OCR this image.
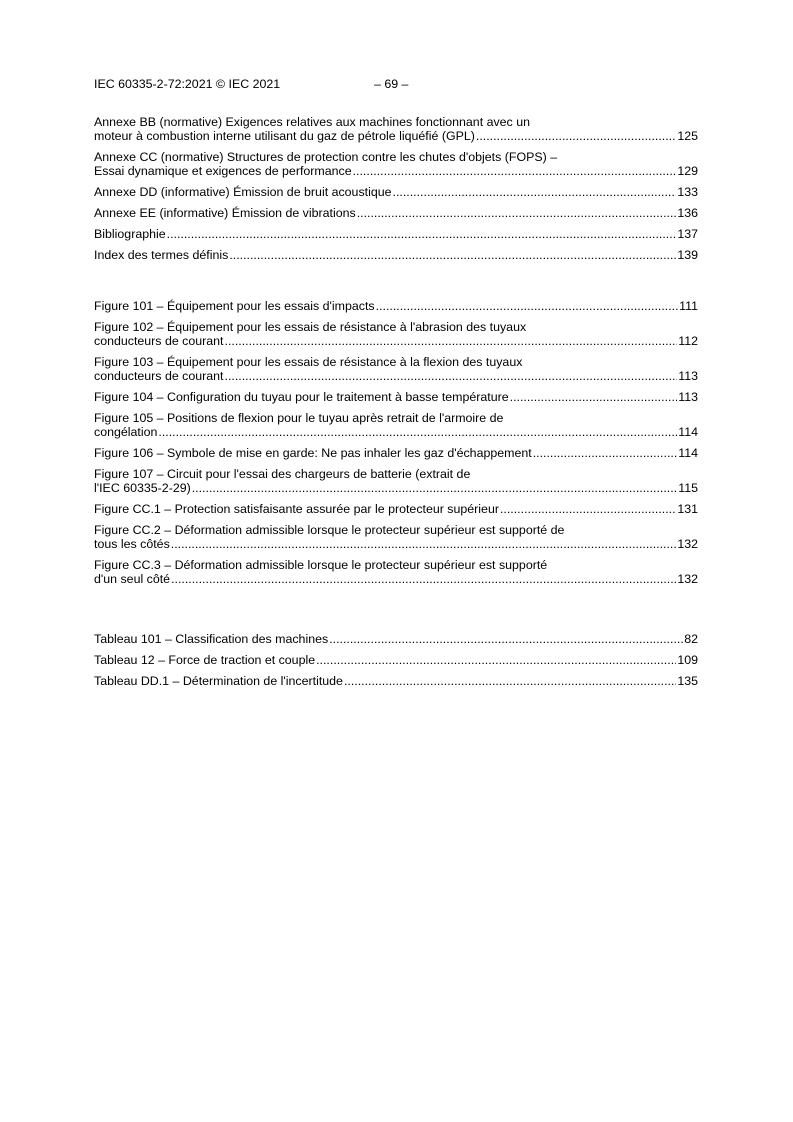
IEC 60335-2-72:2021 © IEC 2021	– 69 –
Annexe BB (normative) Exigences relatives aux machines fonctionnant avec un
moteur à combustion interne utilisant du gaz de pétrole liquéfié (GPL) .....	125
Annexe CC (normative) Structures de protection contre les chutes d'objets (FOPS) –
Essai dynamique et exigences de performance .....	129
Annexe DD (informative) Émission de bruit acoustique .....	133
Annexe EE (informative) Émission de vibrations .....	136
Bibliographie .....	137
Index des termes définis .....	139
Figure 101 – Équipement pour les essais d'impacts .....	111
Figure 102 – Équipement pour les essais de résistance à l'abrasion des tuyaux
conducteurs de courant .....	112
Figure 103 – Équipement pour les essais de résistance à la flexion des tuyaux
conducteurs de courant .....	113
Figure 104 – Configuration du tuyau pour le traitement à basse température .....	113
Figure 105 – Positions de flexion pour le tuyau après retrait de l'armoire de
congélation .....	114
Figure 106 – Symbole de mise en garde: Ne pas inhaler les gaz d'échappement .....	114
Figure 107 – Circuit pour l'essai des chargeurs de batterie (extrait de
l'IEC 60335-2-29) .....	115
Figure CC.1 – Protection satisfaisante assurée par le protecteur supérieur .....	131
Figure CC.2 – Déformation admissible lorsque le protecteur supérieur est supporté de
tous les côtés .....	132
Figure CC.3 – Déformation admissible lorsque le protecteur supérieur est supporté
d'un seul côté .....	132
Tableau 101 – Classification des machines .....	82
Tableau 12 – Force de traction et couple .....	109
Tableau DD.1 – Détermination de l'incertitude .....	135
